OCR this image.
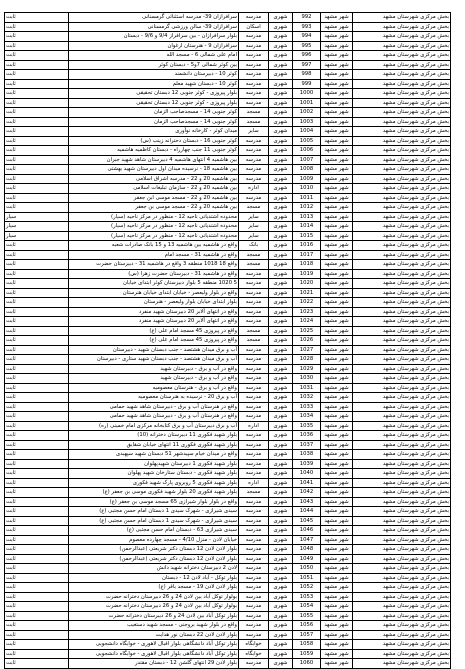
بخش مرکزی شهرستان مشهد	شهر مشهد	992	شهری	مدرسه	سرافرازان 39- مدرسه استثنائی گرمسنانی	ثابت
بخش مرکزی شهرستان مشهد	شهر مشهد	993	شهری	اسکان	سرافرازان 39- سالن ورزشی گرمسنانی	ثابت
بخش مرکزی شهرستان مشهد	شهر مشهد	994	شهری	مدرسه	بلوار سرافرازان - بین سرافراز 9/4 و 9/6 - دبستان	ثابت
بخش مرکزی شهرستان مشهد	شهر مشهد	995	شهری	مدرسه	سرافرازان 9 - هنرستان ارغوان	ثابت
بخش مرکزی شهرستان مشهد	شهر مشهد	996	شهری	مدرسه	امام علی شمالی 6 - مسجد الله	ثابت
بخش مرکزی شهرستان مشهد	شهر مشهد	997	شهری	مدرسه	بین کوثر شمالی 7و5 - دبستان کوثر	ثابت
بخش مرکزی شهرستان مشهد	شهر مشهد	998	شهری	مدرسه	کوثر 10 - دبیرستان دانشمند	ثابت
بخش مرکزی شهرستان مشهد	شهر مشهد	999	شهری	مدرسه	کوثر 10 - دبستان شهید معلم	ثابت
بخش مرکزی شهرستان مشهد	شهر مشهد	1000	شهری	مدرسه	بلوار پیروزی - کوثر جنوبی 12 دبستان تحقیقی	ثابت
بخش مرکزی شهرستان مشهد	شهر مشهد	1001	شهری	مدرسه	بلوار پیروزی - کوثر جنوبی 12 دبستان تحقیقی	ثابت
بخش مرکزی شهرستان مشهد	شهر مشهد	1002	شهری	مسجد	کوثر جنوبی 14 - مسجدصاحب الزمان	ثابت
بخش مرکزی شهرستان مشهد	شهر مشهد	1003	شهری	مسجد	کوثر جنوبی 14 - مسجدصاحب الزمان	ثابت
بخش مرکزی شهرستان مشهد	شهر مشهد	1004	شهری	سایر	میدان کوثر - کارخانه نوآوری	ثابت
بخش مرکزی شهرستان مشهد	شهر مشهد	1005	شهری	مدرسه	کوثر جنوبی 16 - دبستان دخترانه زینب (س)	ثابت
بخش مرکزی شهرستان مشهد	شهر مشهد	1006	شهری	مدرسه	کوثر جنوبی 11 جنب چهارراه - دبستان کاظمیه هاشمیه	ثابت
بخش مرکزی شهرستان مشهد	شهر مشهد	1007	شهری	مدرسه	بین هاشمیه 4 انتهای هاشمیه 4 دبیرستان شاهد شهید جبران	ثابت
بخش مرکزی شهرستان مشهد	شهر مشهد	1008	شهری	مدرسه	بین هاشمیه 18 - نرسیده میدان اول دبیرستان شهید بهشتی	ثابت
بخش مرکزی شهرستان مشهد	شهر مشهد	1009	شهری	مدرسه	بین هاشمیه 20 و 22 - مدرسه اشراق اسلامی	ثابت
بخش مرکزی شهرستان مشهد	شهر مشهد	1010	شهری	اداره	بین هاشمیه 20 و 22 - سازمان تبلیغات اسلامی	ثابت
بخش مرکزی شهرستان مشهد	شهر مشهد	1011	شهری	مدرسه	بین هاشمیه 20 و 22 - مسجد موسی ابن جعفر	ثابت
بخش مرکزی شهرستان مشهد	شهر مشهد	1012	شهری	مسجد	بین هاشمیه 20 و 22 - مسجد موسی بن جعفر	ثابت
بخش مرکزی شهرستان مشهد	شهر مشهد	1013	شهری	سایر	محدوده اشتدیانی ناحیه 12 - منظور در مرکز ناحیه (سیار)	سیار
بخش مرکزی شهرستان مشهد	شهر مشهد	1014	شهری	سایر	محدوده اشتدیانی ناحیه 12 - منظور در مرکز ناحیه (سیار)	سیار
بخش مرکزی شهرستان مشهد	شهر مشهد	1015	شهری	سایر	محدوده اشتدیانی ناحیه 12 - منظور در مرکز ناحیه (سیار)	سیار
بخش مرکزی شهرستان مشهد	شهر مشهد	1016	شهری	بانک	واقع در هاشمیه بین هاشمیه 13 و 15 بانک صادرات شعبه	ثابت
بخش مرکزی شهرستان مشهد	شهر مشهد	1017	شهری	مسجد	واقع در هاشمیه 31 - مسجد امام	ثابت
بخش مرکزی شهرستان مشهد	شهر مشهد	1018	شهری	مسجد	واقع 18 1018 منطقه 3 واقع در هاشمیه 31 - دبیرستان حضرت	ثابت
بخش مرکزی شهرستان مشهد	شهر مشهد	1019	شهری	مدرسه	واقع در هاشمیه 31 - دبیرستان حضرت زهرا (س)	ثابت
بخش مرکزی شهرستان مشهد	شهر مشهد	1020	شهری	مدرسه	5 1020 منطقه 5 بلوار دبیرستان کوثر ابتدای خیابان	ثابت
بخش مرکزی شهرستان مشهد	شهر مشهد	1021	شهری	مدرسه	واقع در بلوار ولیعصر - خیابان ابتدای خیابان هنرستان	ثابت
بخش مرکزی شهرستان مشهد	شهر مشهد	1022	شهری	مدرسه	بلوار ابتدای خیابان بلوار ولیعصر - هنرستان	ثابت
بخش مرکزی شهرستان مشهد	شهر مشهد	1023	شهری	مدرسه	واقع در انتهای آلابر 20 دبیرستان شهید منفرد	ثابت
بخش مرکزی شهرستان مشهد	شهر مشهد	1024	شهری	مدرسه	واقع در انتهای آلابر 20 دبیرستان شهید منفرد	ثابت
بخش مرکزی شهرستان مشهد	شهر مشهد	1025	شهری	مسجد	واقع در پیروزی 45 مسجد امام علی (ع)	ثابت
بخش مرکزی شهرستان مشهد	شهر مشهد	1026	شهری	مسجد	واقع در پیروزی 45 مسجد امام علی (ع)	ثابت
بخش مرکزی شهرستان مشهد	شهر مشهد	1027	شهری	مدرسه	آب و برق میدان هشتصد - جنب دبستان شهید - دبیرستان	ثابت
بخش مرکزی شهرستان مشهد	شهر مشهد	1028	شهری	مدرسه	آب و برق میدان هشتصد - جنب دبستان شهید ستاری - دبیرستان	ثابت
بخش مرکزی شهرستان مشهد	شهر مشهد	1029	شهری	مدرسه	واقع در آب و برق - دبیرستان شهید	ثابت
بخش مرکزی شهرستان مشهد	شهر مشهد	1030	شهری	مدرسه	واقع در آب و برق - دبیرستان شهید	ثابت
بخش مرکزی شهرستان مشهد	شهر مشهد	1031	شهری	مدرسه	واقع در آب و برق - هنرستان معصومیه	ثابت
بخش مرکزی شهرستان مشهد	شهر مشهد	1032	شهری	مدرسه	آب و برق 20 - نرسیده به هنرستان معصومیه	ثابت
بخش مرکزی شهرستان مشهد	شهر مشهد	1033	شهری	مدرسه	واقع در هنرستان آب و برق - دبیرستان شاهد شهید حمامی	ثابت
بخش مرکزی شهرستان مشهد	شهر مشهد	1034	شهری	مدرسه	واقع در هنرستان آب و برق - دبیرستان شاهد شهید حمامی	ثابت
بخش مرکزی شهرستان مشهد	شهر مشهد	1035	شهری	اداره	آب و برق دبیرستان آب و برق کتابخانه مرکزی امام خمینی (ره)	ثابت
بخش مرکزی شهرستان مشهد	شهر مشهد	1036	شهری	مدرسه	بلوار شهید فکوری 11 دبیرستان دخترانه (10)	ثابت
بخش مرکزی شهرستان مشهد	شهر مشهد	1037	شهری	مدرسه	بلوار شهید فکوری فکوری 11 انتهای خیابان شقایق	ثابت
بخش مرکزی شهرستان مشهد	شهر مشهد	1038	شهری	مدرسه	واقع در میدان خیام سپیدشهر 51 دبستان شهید سپهبدی	ثابت
بخش مرکزی شهرستان مشهد	شهر مشهد	1039	شهری	مدرسه	بلوار شهید فکوری 1 دبیرستان شهیدپهلوان	ثابت
بخش مرکزی شهرستان مشهد	شهر مشهد	1040	شهری	مدرسه	بلوار شهید فکوری - دبستان ستارخان شهید پهلوان	ثابت
بخش مرکزی شهرستان مشهد	شهر مشهد	1041	شهری	اداره	بلوار شهید فکوری 5 روبروی پارک شهید فکوری	ثابت
بخش مرکزی شهرستان مشهد	شهر مشهد	1042	شهری	مسجد	بلوار شهید فکوری 20 بلوار شهید فکوری موسی بن جعفر (ع)	ثابت
بخش مرکزی شهرستان مشهد	شهر مشهد	1043	شهری	مدرسه	واقع در بلوار بلوار شیرازی 65 مسجد موسی بن جعفر (ع)	ثابت
بخش مرکزی شهرستان مشهد	شهر مشهد	1044	شهری	مدرسه	سیدی شیرازی - شهرک سیدی 1 دبستان امام حسن مجتبی (ع)	ثابت
بخش مرکزی شهرستان مشهد	شهر مشهد	1045	شهری	مدرسه	سیدی شیرازی - شهرک سیدی 1 دبستان امام حسن مجتبی (ع)	ثابت
بخش مرکزی شهرستان مشهد	شهر مشهد	1046	شهری	مدرسه	سیدی شیرازی 63 - دبستان امام حسن مجتبی (ع)	ثابت
بخش مرکزی شهرستان مشهد	شهر مشهد	1047	شهری	مدرسه	خیابان لادن - منزل 4/10 - مسجد چهارده معصوم	ثابت
بخش مرکزی شهرستان مشهد	شهر مشهد	1048	شهری	مدرسه	بلوار لادن لادن 12 دبستان دکتر شریعتی (عبدالرحمن)	ثابت
بخش مرکزی شهرستان مشهد	شهر مشهد	1049	شهری	مدرسه	بلوار لادن لادن 12 دبستان دکتر شریعتی (عبدالرحمن)	ثابت
بخش مرکزی شهرستان مشهد	شهر مشهد	1050	شهری	مدرسه	لادن 2 دبیرستان دخترانه شهید دانش	ثابت
بخش مرکزی شهرستان مشهد	شهر مشهد	1051	شهری	مدرسه	بلوار توکل - آباد لادن 12 - دبستان	ثابت
بخش مرکزی شهرستان مشهد	شهر مشهد	1052	شهری	مدرسه	بلوار لادن لادن 19 - مسجد باقر (ع)	ثابت
بخش مرکزی شهرستان مشهد	شهر مشهد	1053	شهری	مدرسه	بولوار توکل آباد بین لادن 24 و 26 دبیرستان دخترانه حضرت	ثابت
بخش مرکزی شهرستان مشهد	شهر مشهد	1054	شهری	مدرسه	بولوار توکل آباد بین لادن 24 و 26 دبیرستان دخترانه حضرت	ثابت
بخش مرکزی شهرستان مشهد	شهر مشهد	1055	شهری	مدرسه	بلوار توکل آباد بین لادن 24 و 26 دبیرستان دخترانه حضرت	ثابت
بخش مرکزی شهرستان مشهد	شهر مشهد	1056	شهری	مدرسه	واقع در بلوار شهید بروجنی - مسجد شهید دستغیب	ثابت
بخش مرکزی شهرستان مشهد	شهر مشهد	1057	شهری	مدرسه	بلوار لادن لادن 22 دبستان نور هدایت	ثابت
بخش مرکزی شهرستان مشهد	شهر مشهد	1058	شهری	خوابگاه	بلوار توکل آباد دانشگاهی بلوار اقبال لاهوری - خوابگاه دانشجویی	ثابت
بخش مرکزی شهرستان مشهد	شهر مشهد	1059	شهری	خوابگاه	بلوار توکل آباد دانشگاهی بلوار اقبال لاهوری - خوابگاه دانشجویی	ثابت
بخش مرکزی شهرستان مشهد	شهر مشهد	1060	شهری	مدرسه	بلوار لادن 29 انتهای گلشن 12 - دبستان مقتدر	ثابت
